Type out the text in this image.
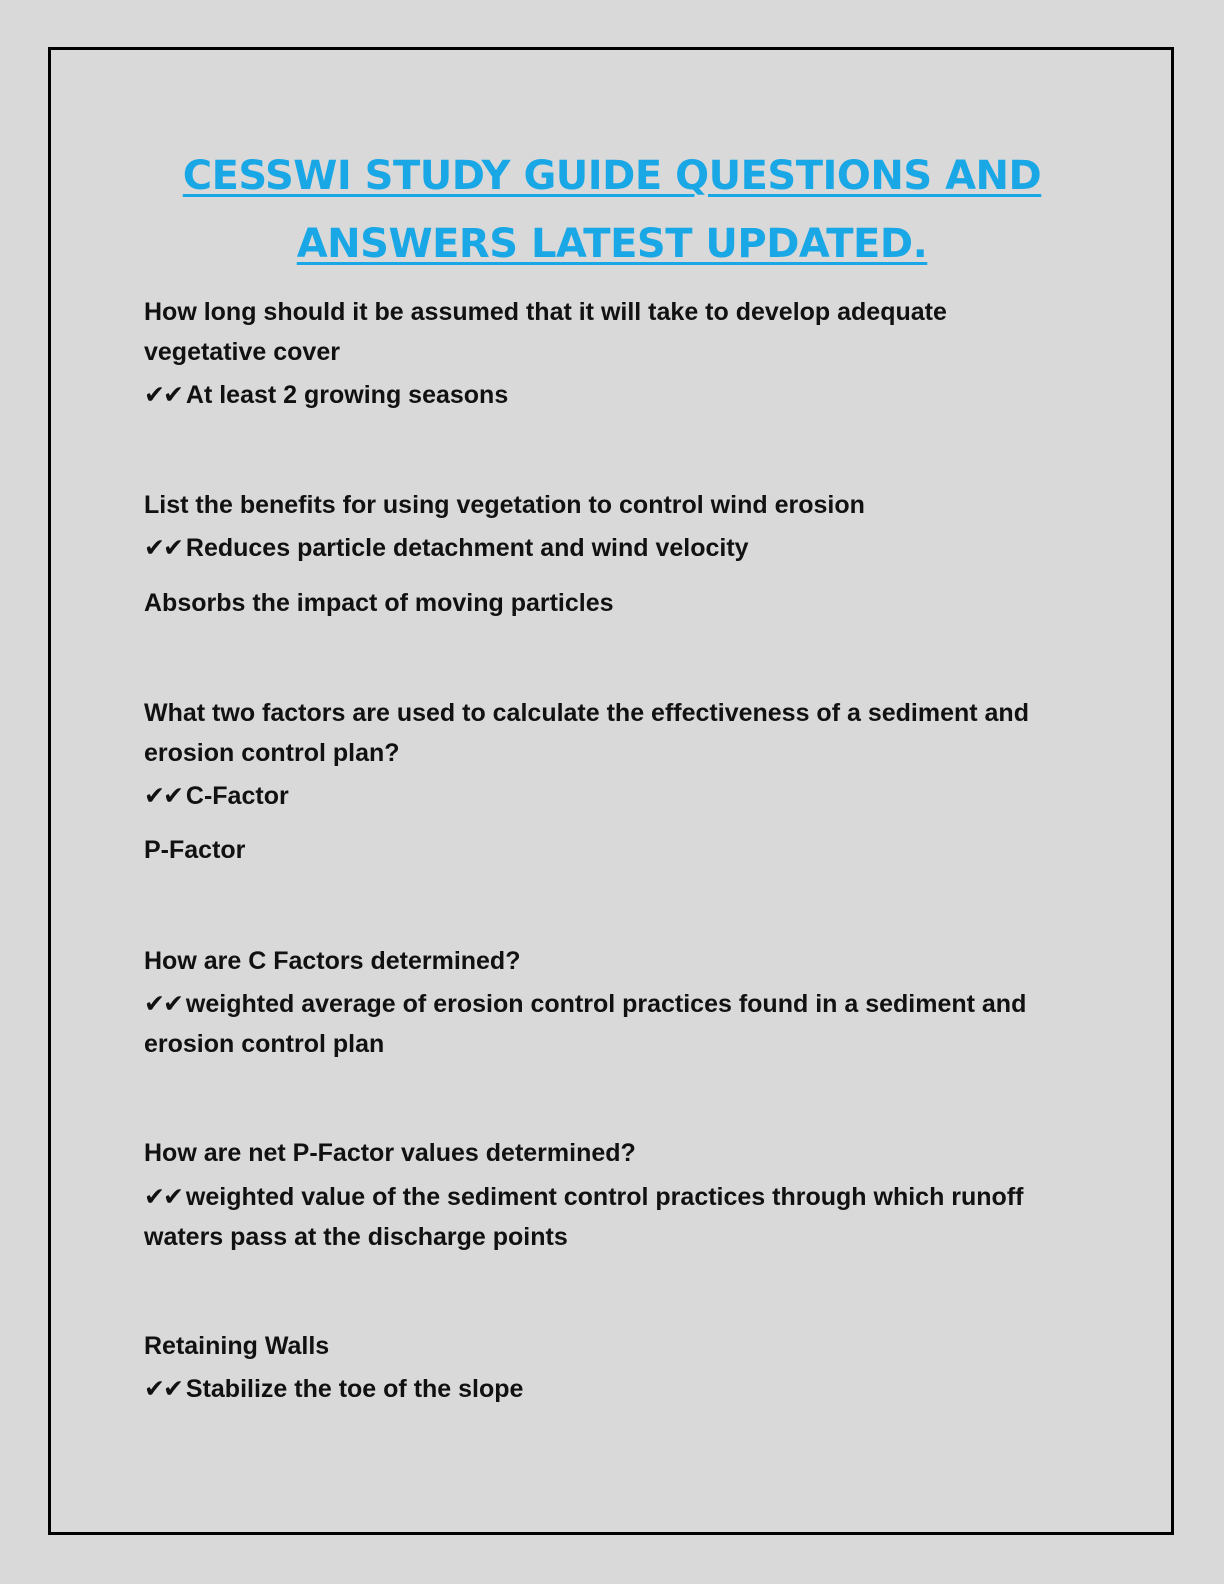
CESSWI STUDY GUIDE QUESTIONS AND
ANSWERS LATEST UPDATED.

How long should it be assumed that it will take to develop adequate

vegetative cover

✔✔ At least 2 growing seasons

List the benefits for using vegetation to control wind erosion

✔✔ Reduces particle detachment and wind velocity

Absorbs the impact of moving particles

What two factors are used to calculate the effectiveness of a sediment and

erosion control plan?

✔✔ C-Factor

P-Factor

How are C Factors determined?

✔✔ weighted average of erosion control practices found in a sediment and

erosion control plan

How are net P-Factor values determined?

✔✔ weighted value of the sediment control practices through which runoff

waters pass at the discharge points

Retaining Walls

✔✔ Stabilize the toe of the slope
